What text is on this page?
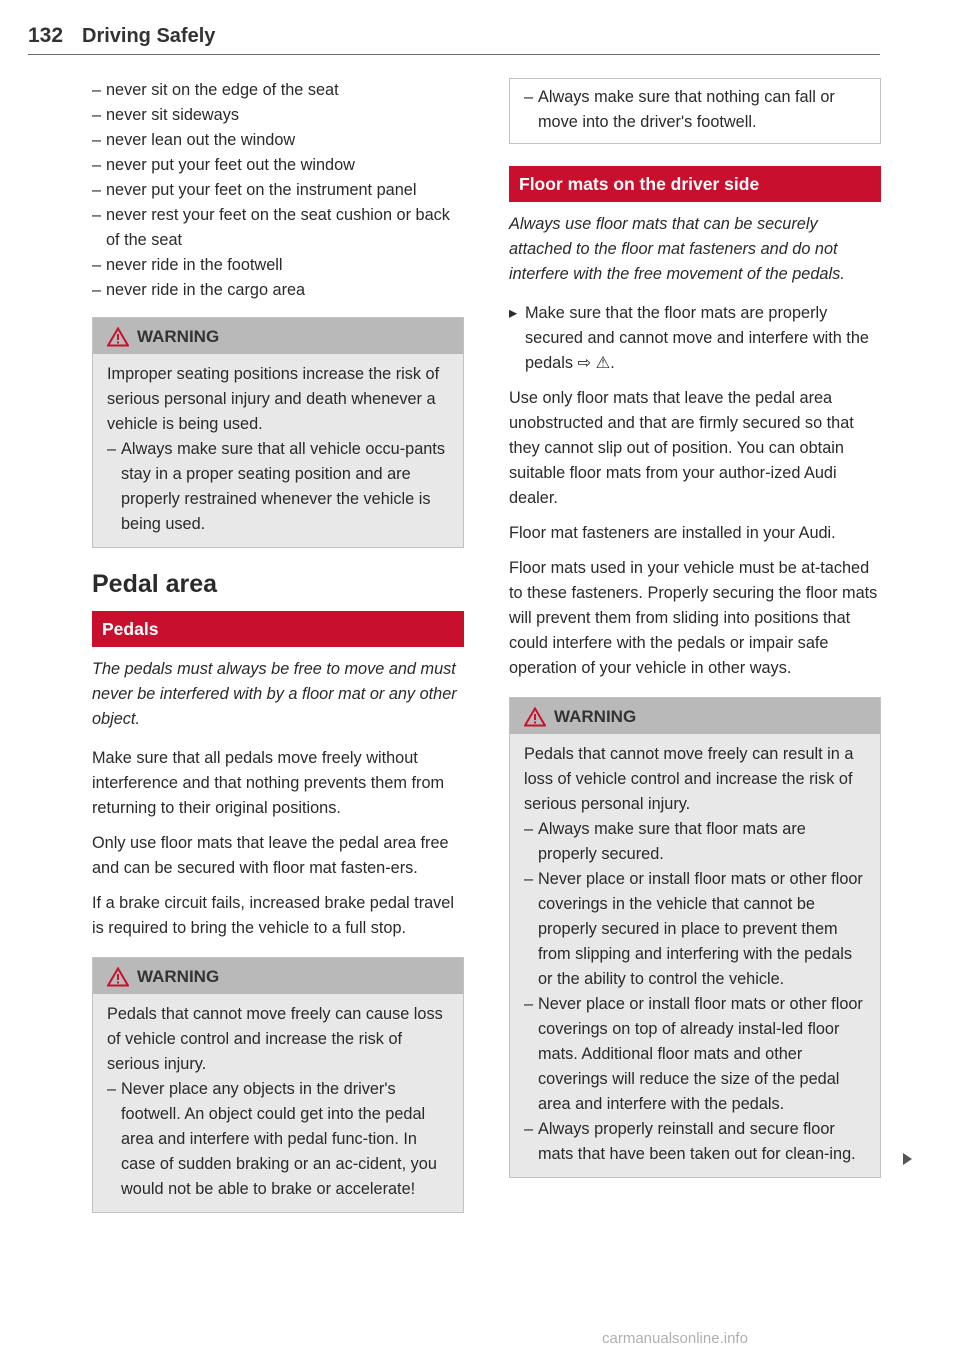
132 Driving Safely
– never sit on the edge of the seat
– never sit sideways
– never lean out the window
– never put your feet out the window
– never put your feet on the instrument panel
– never rest your feet on the seat cushion or back of the seat
– never ride in the footwell
– never ride in the cargo area
WARNING
Improper seating positions increase the risk of serious personal injury and death whenever a vehicle is being used.
– Always make sure that all vehicle occu-pants stay in a proper seating position and are properly restrained whenever the vehicle is being used.
Pedal area
Pedals

The pedals must always be free to move and must never be interfered with by a floor mat or any other object.

Make sure that all pedals move freely without interference and that nothing prevents them from returning to their original positions.

Only use floor mats that leave the pedal area free and can be secured with floor mat fasten-ers.

If a brake circuit fails, increased brake pedal travel is required to bring the vehicle to a full stop.

WARNING
Pedals that cannot move freely can cause loss of vehicle control and increase the risk of serious injury.
– Never place any objects in the driver's footwell. An object could get into the pedal area and interfere with pedal func-tion. In case of sudden braking or an ac-cident, you would not be able to brake or accelerate!
– Always make sure that nothing can fall or move into the driver's footwell.
Floor mats on the driver side

Always use floor mats that can be securely attached to the floor mat fasteners and do not interfere with the free movement of the pedals.

▸ Make sure that the floor mats are properly secured and cannot move and interfere with the pedals ⇨ ⚠.

Use only floor mats that leave the pedal area unobstructed and that are firmly secured so that they cannot slip out of position. You can obtain suitable floor mats from your author-ized Audi dealer.

Floor mat fasteners are installed in your Audi.

Floor mats used in your vehicle must be at-tached to these fasteners. Properly securing the floor mats will prevent them from sliding into positions that could interfere with the pedals or impair safe operation of your vehicle in other ways.

WARNING
Pedals that cannot move freely can result in a loss of vehicle control and increase the risk of serious personal injury.
– Always make sure that floor mats are properly secured.
– Never place or install floor mats or other floor coverings in the vehicle that cannot be properly secured in place to prevent them from slipping and interfering with the pedals or the ability to control the vehicle.
– Never place or install floor mats or other floor coverings on top of already instal-led floor mats. Additional floor mats and other coverings will reduce the size of the pedal area and interfere with the pedals.
– Always properly reinstall and secure floor mats that have been taken out for clean-ing.
carmanualsonline.info
